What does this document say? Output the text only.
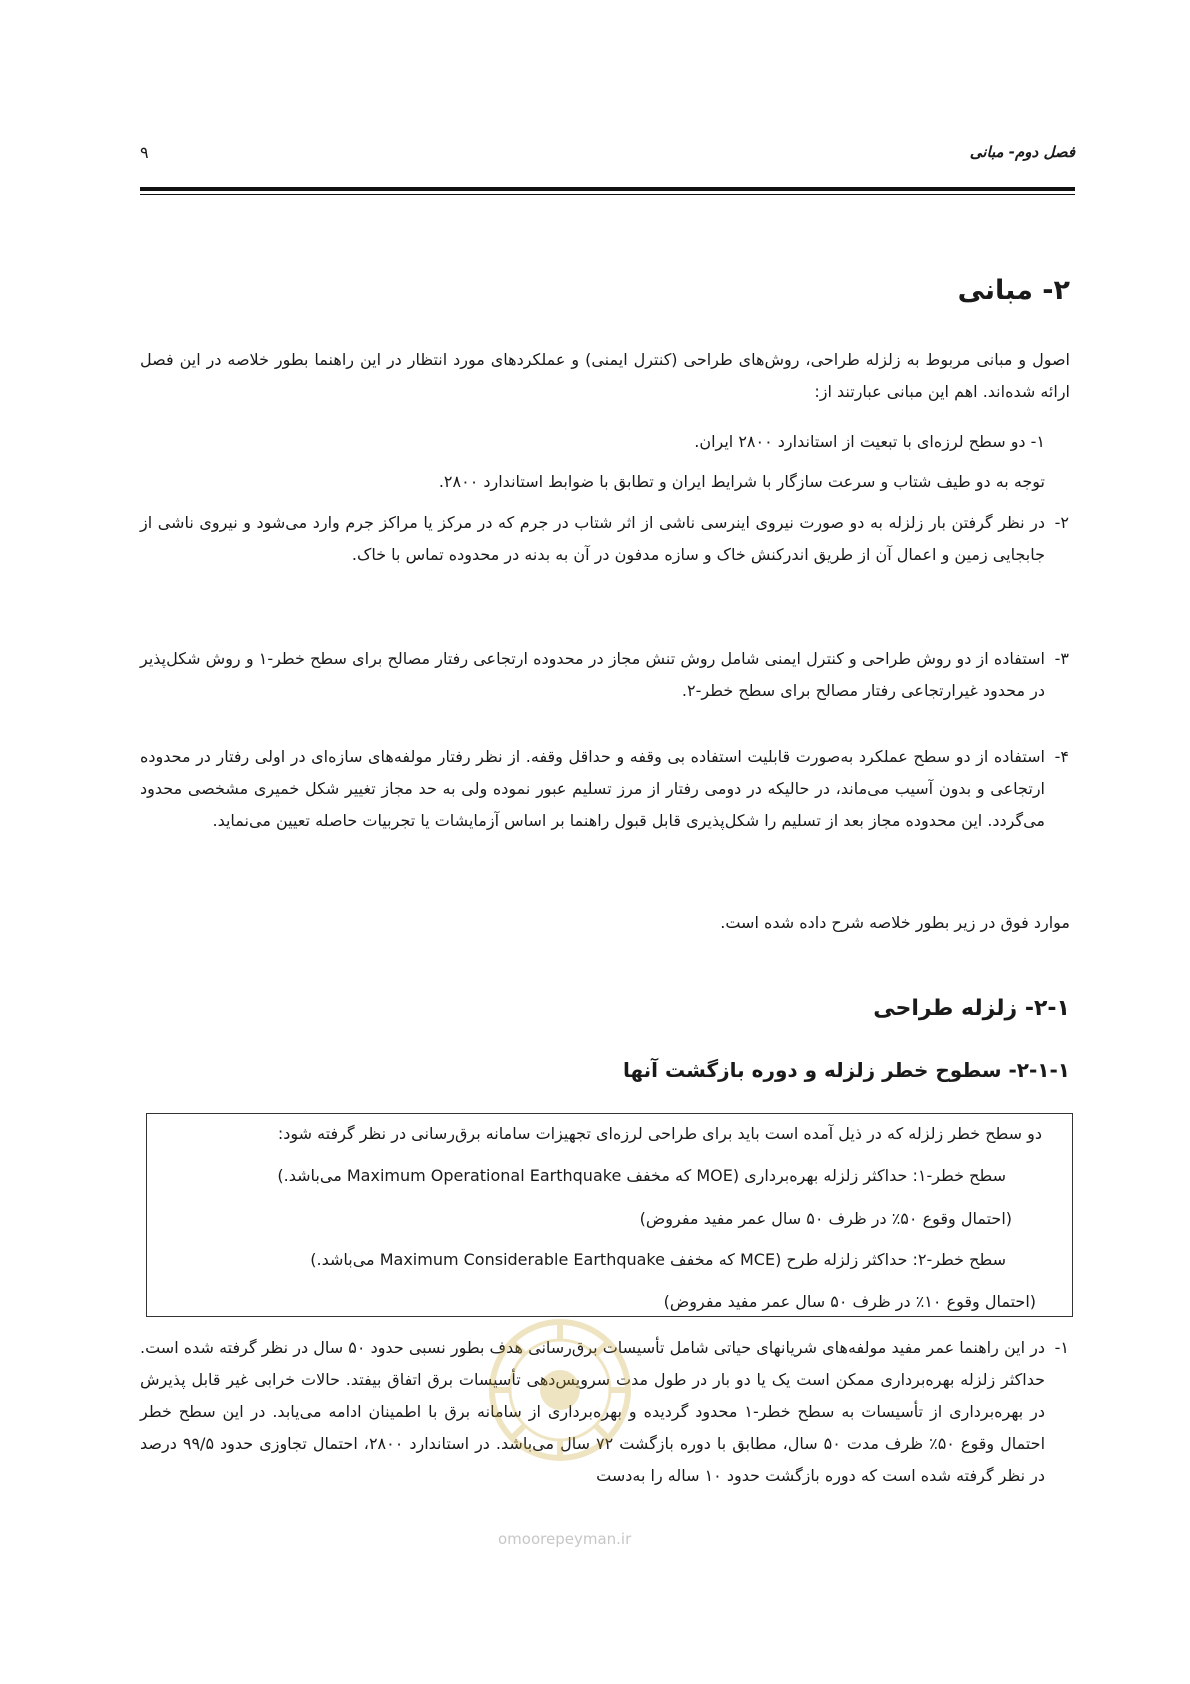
فصل دوم- مبانی
۹
۲- مبانی

اصول و مبانی مربوط به زلزله طراحی، روش‌های طراحی (کنترل ایمنی) و عملکردهای مورد انتظار در این راهنما بطور خلاصه در این فصل ارائه شده‌اند. اهم این مبانی عبارتند از:

۱- دو سطح لرزه‌ای با تبعیت از استاندارد ۲۸۰۰ ایران.

توجه به دو طیف شتاب و سرعت سازگار با شرایط ایران و تطابق با ضوابط استاندارد ۲۸۰۰.

۲-
در نظر گرفتن بار زلزله به دو صورت نیروی اینرسی ناشی از اثر شتاب در جرم که در مرکز یا مراکز جرم وارد می‌شود و نیروی ناشی از جابجایی زمین و اعمال آن از طریق اندرکنش خاک و سازه مدفون در آن به بدنه در محدوده تماس با خاک.

۳-
استفاده از دو روش طراحی و کنترل ایمنی شامل روش تنش مجاز در محدوده ارتجاعی رفتار مصالح برای سطح خطر-۱ و روش شکل‌پذیر در محدود غیرارتجاعی رفتار مصالح برای سطح خطر-۲.

۴-
استفاده از دو سطح عملکرد به‌صورت قابلیت استفاده بی وقفه و حداقل وقفه. از نظر رفتار مولفه‌های سازه‌ای در اولی رفتار در محدوده ارتجاعی و بدون آسیب می‌ماند، در حالیکه در دومی رفتار از مرز تسلیم عبور نموده ولی به حد مجاز تغییر شکل خمیری مشخصی محدود می‌گردد. این محدوده مجاز بعد از تسلیم را شکل‌پذیری قابل قبول راهنما بر اساس آزمایشات یا تجربیات حاصله تعیین می‌نماید.

موارد فوق در زیر بطور خلاصه شرح داده شده است.

۲-۱- زلزله طراحی
۲-۱-۱- سطوح خطر زلزله و دوره بازگشت آنها
دو سطح خطر زلزله که در ذیل آمده است باید برای طراحی لرزه‌ای تجهیزات سامانه برق‌رسانی در نظر گرفته شود:
سطح خطر-۱: حداکثر زلزله بهره‌برداری (MOE که مخفف Maximum Operational Earthquake می‌باشد.)
(احتمال وقوع ۵۰٪ در ظرف ۵۰ سال عمر مفید مفروض)
سطح خطر-۲: حداکثر زلزله طرح (MCE که مخفف Maximum Considerable Earthquake می‌باشد.)
(احتمال وقوع ۱۰٪ در ظرف ۵۰ سال عمر مفید مفروض)

۱-
در این راهنما عمر مفید مولفه‌های شریانهای حیاتی شامل تأسیسات برق‌رسانی هدف بطور نسبی حدود ۵۰ سال در نظر گرفته شده است. حداکثر زلزله بهره‌برداری ممکن است یک یا دو بار در طول مدت سرویس‌دهی تأسیسات برق اتفاق بیفتد. حالات خرابی غیر قابل پذیرش در بهره‌برداری از تأسیسات به سطح خطر-۱ محدود گردیده و بهره‌برداری از سامانه برق با اطمینان ادامه می‌یابد. در این سطح خطر احتمال وقوع ۵۰٪ ظرف مدت ۵۰ سال، مطابق با دوره بازگشت ۷۲ سال می‌باشد. در استاندارد ۲۸۰۰، احتمال تجاوزی حدود ۹۹/۵ درصد در نظر گرفته شده است که دوره بازگشت حدود ۱۰ ساله را به‌دست

omoorepeyman.ir
